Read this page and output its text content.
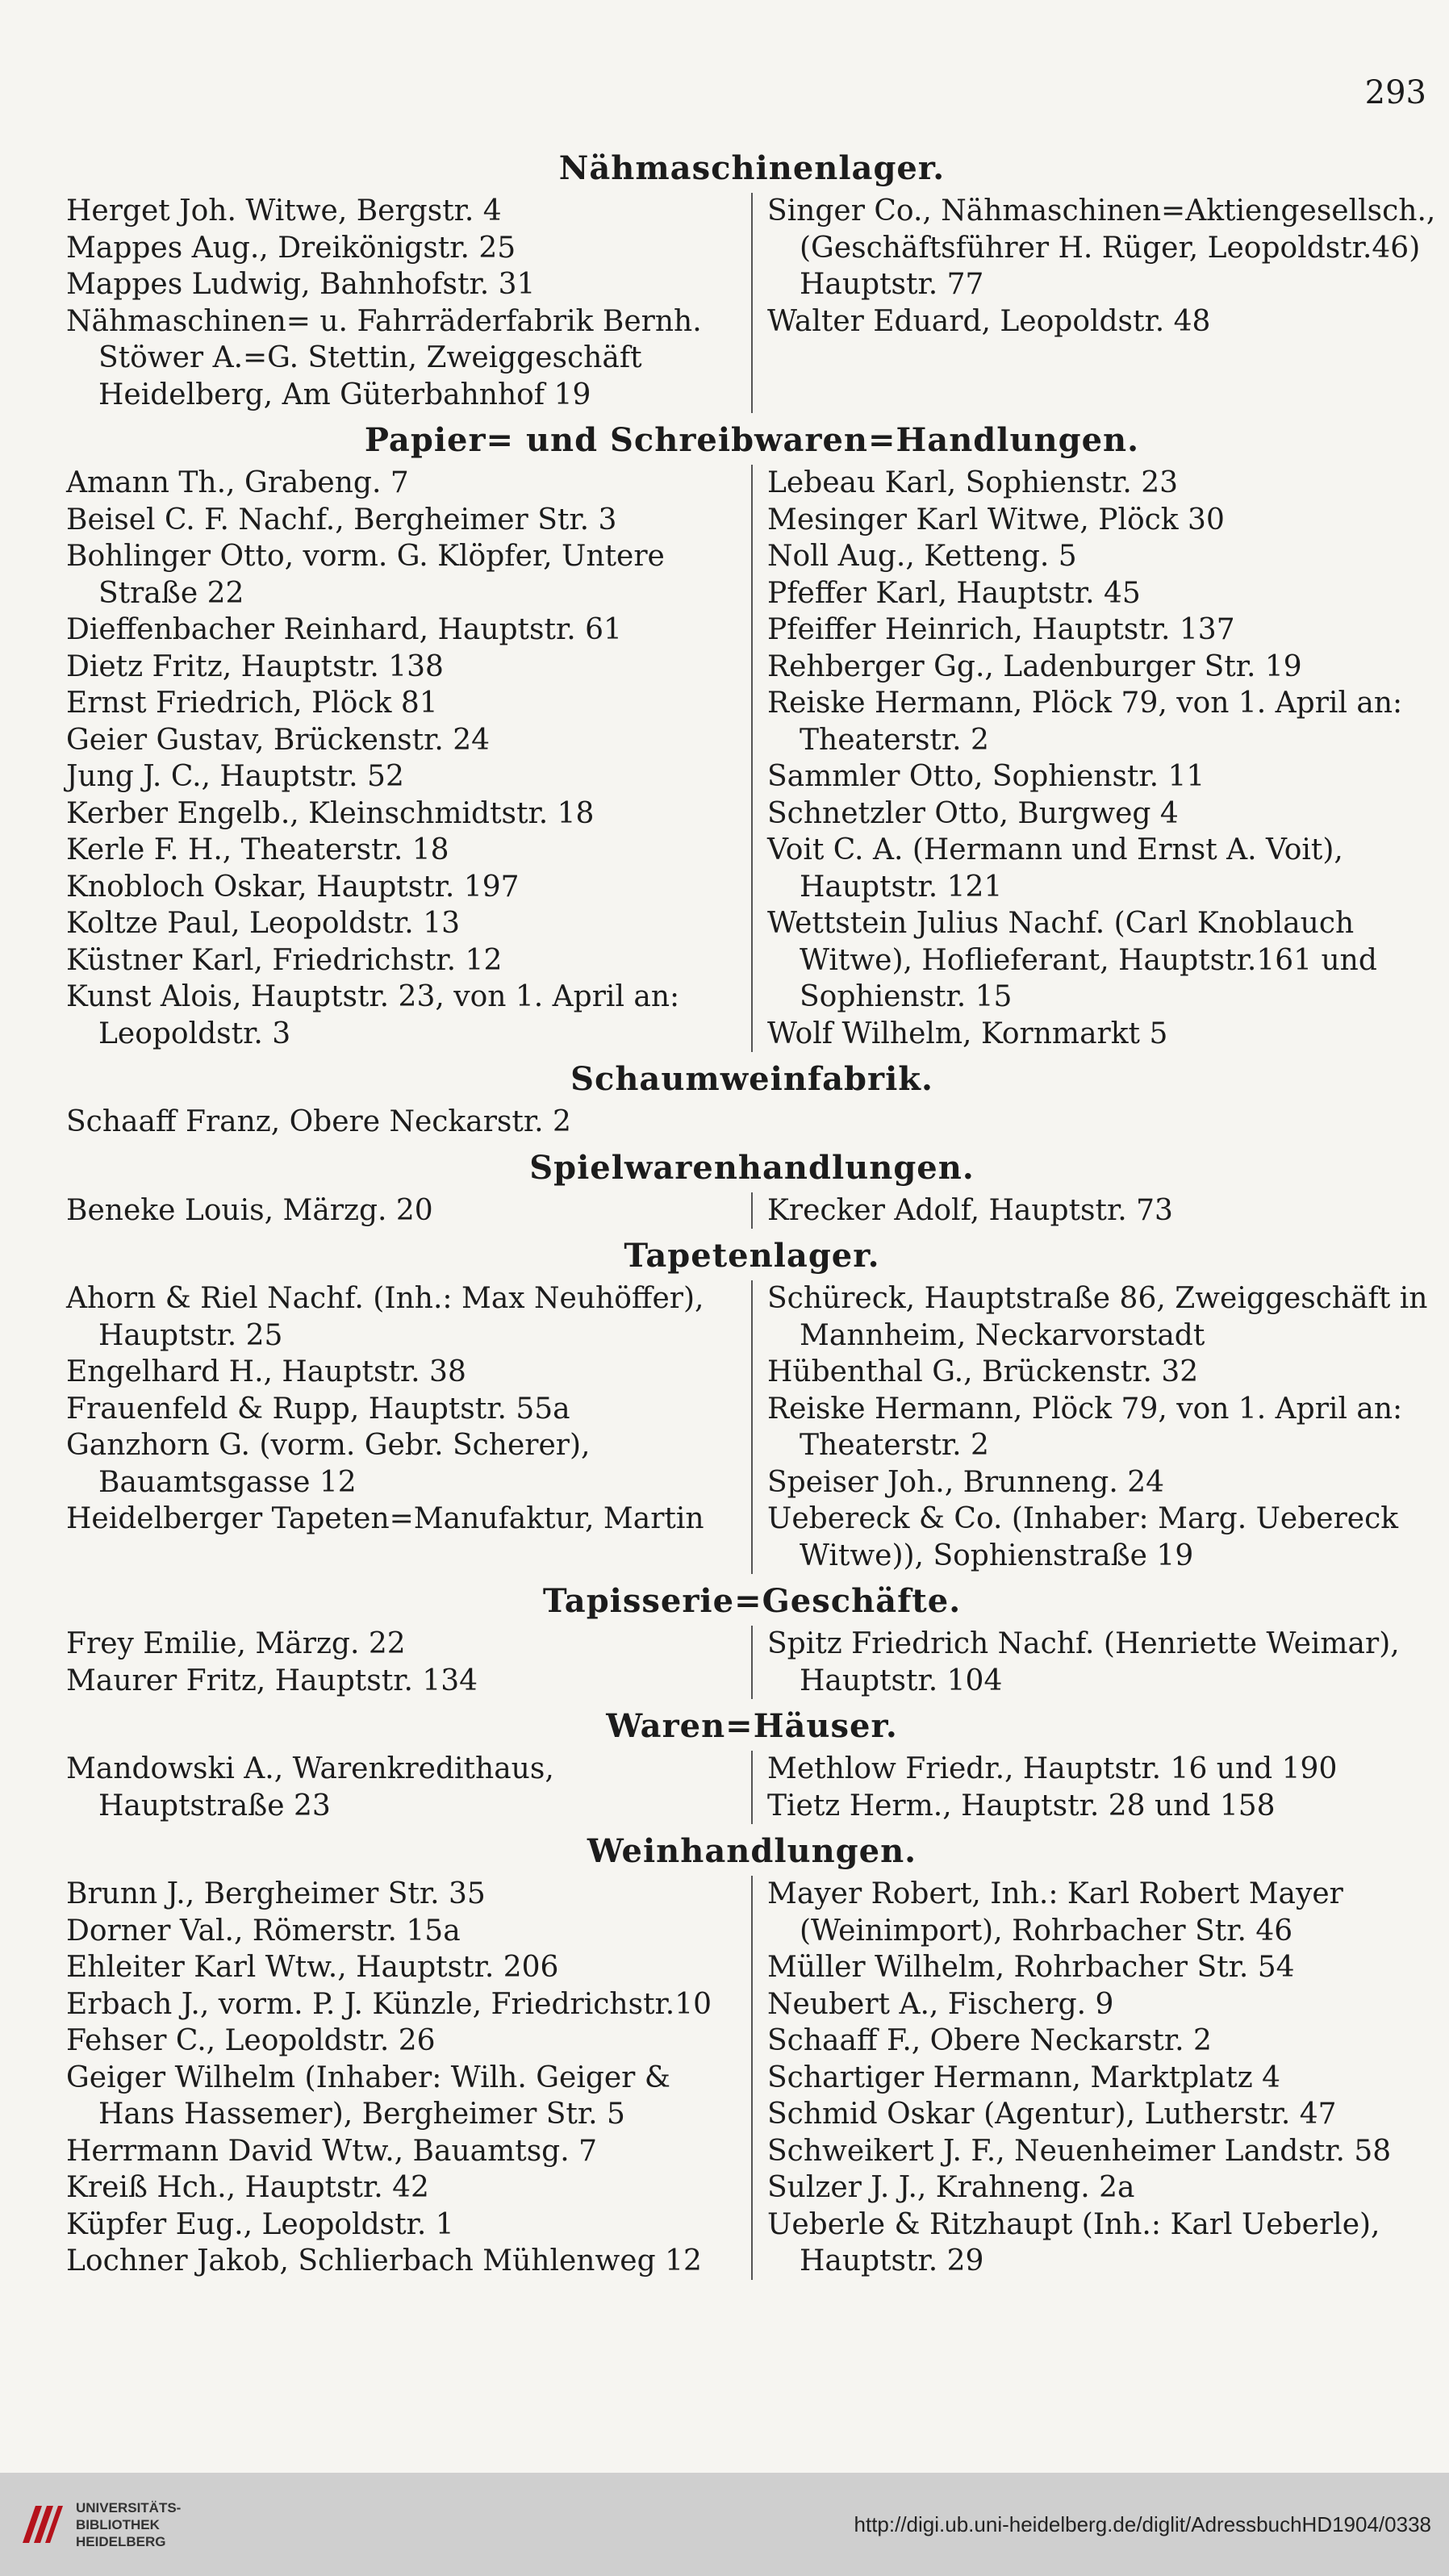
293
Nähmaschinenlager.
Herget Joh. Witwe, Bergstr. 4
Mappes Aug., Dreikönigstr. 25
Mappes Ludwig, Bahnhofstr. 31
Nähmaschinen= u. Fahrräderfabrik Bernh. Stöwer A.=G. Stettin, Zweiggeschäft Heidelberg, Am Güterbahnhof 19
Singer Co., Nähmaschinen=Aktiengesellsch., (Geschäftsführer H. Rüger, Leopoldstr.46) Hauptstr. 77
Walter Eduard, Leopoldstr. 48
Papier= und Schreibwaren=Handlungen.
Amann Th., Grabeng. 7
Beisel C. F. Nachf., Bergheimer Str. 3
Bohlinger Otto, vorm. G. Klöpfer, Untere Straße 22
Dieffenbacher Reinhard, Hauptstr. 61
Dietz Fritz, Hauptstr. 138
Ernst Friedrich, Plöck 81
Geier Gustav, Brückenstr. 24
Jung J. C., Hauptstr. 52
Kerber Engelb., Kleinschmidtstr. 18
Kerle F. H., Theaterstr. 18
Knobloch Oskar, Hauptstr. 197
Koltze Paul, Leopoldstr. 13
Küstner Karl, Friedrichstr. 12
Kunst Alois, Hauptstr. 23, von 1. April an: Leopoldstr. 3
Lebeau Karl, Sophienstr. 23
Mesinger Karl Witwe, Plöck 30
Noll Aug., Ketteng. 5
Pfeffer Karl, Hauptstr. 45
Pfeiffer Heinrich, Hauptstr. 137
Rehberger Gg., Ladenburger Str. 19
Reiske Hermann, Plöck 79, von 1. April an: Theaterstr. 2
Sammler Otto, Sophienstr. 11
Schnetzler Otto, Burgweg 4
Voit C. A. (Hermann und Ernst A. Voit), Hauptstr. 121
Wettstein Julius Nachf. (Carl Knoblauch Witwe), Hoflieferant, Hauptstr.161 und Sophienstr. 15
Wolf Wilhelm, Kornmarkt 5
Schaumweinfabrik.
Schaaff Franz, Obere Neckarstr. 2
Spielwarenhandlungen.
Beneke Louis, Märzg. 20	Krecker Adolf, Hauptstr. 73
Tapetenlager.
Ahorn & Riel Nachf. (Inh.: Max Neuhöffer), Hauptstr. 25
Engelhard H., Hauptstr. 38
Frauenfeld & Rupp, Hauptstr. 55a
Ganzhorn G. (vorm. Gebr. Scherer), Bauamtsgasse 12
Heidelberger Tapeten=Manufaktur, Martin
Schüreck, Hauptstraße 86, Zweiggeschäft in Mannheim, Neckarvorstadt
Hübenthal G., Brückenstr. 32
Reiske Hermann, Plöck 79, von 1. April an: Theaterstr. 2
Speiser Joh., Brunneng. 24
Uebereck & Co. (Inhaber: Marg. Uebereck Witwe)), Sophienstraße 19
Tapisserie=Geschäfte.
Frey Emilie, Märzg. 22
Maurer Fritz, Hauptstr. 134
Spitz Friedrich Nachf. (Henriette Weimar), Hauptstr. 104
Waren=Häuser.
Mandowski A., Warenkredithaus, Hauptstraße 23
Methlow Friedr., Hauptstr. 16 und 190
Tietz Herm., Hauptstr. 28 und 158
Weinhandlungen.
Brunn J., Bergheimer Str. 35
Dorner Val., Römerstr. 15a
Ehleiter Karl Wtw., Hauptstr. 206
Erbach J., vorm. P. J. Künzle, Friedrichstr.10
Fehser C., Leopoldstr. 26
Geiger Wilhelm (Inhaber: Wilh. Geiger & Hans Hassemer), Bergheimer Str. 5
Herrmann David Wtw., Bauamtsg. 7
Kreiß Hch., Hauptstr. 42
Küpfer Eug., Leopoldstr. 1
Lochner Jakob, Schlierbach Mühlenweg 12
Mayer Robert, Inh.: Karl Robert Mayer (Weinimport), Rohrbacher Str. 46
Müller Wilhelm, Rohrbacher Str. 54
Neubert A., Fischerg. 9
Schaaff F., Obere Neckarstr. 2
Schartiger Hermann, Marktplatz 4
Schmid Oskar (Agentur), Lutherstr. 47
Schweikert J. F., Neuenheimer Landstr. 58
Sulzer J. J., Krahneng. 2a
Ueberle & Ritzhaupt (Inh.: Karl Ueberle), Hauptstr. 29
UNIVERSITÄTS-
BIBLIOTHEK
HEIDELBERG
http://digi.ub.uni-heidelberg.de/diglit/AdressbuchHD1904/0338
